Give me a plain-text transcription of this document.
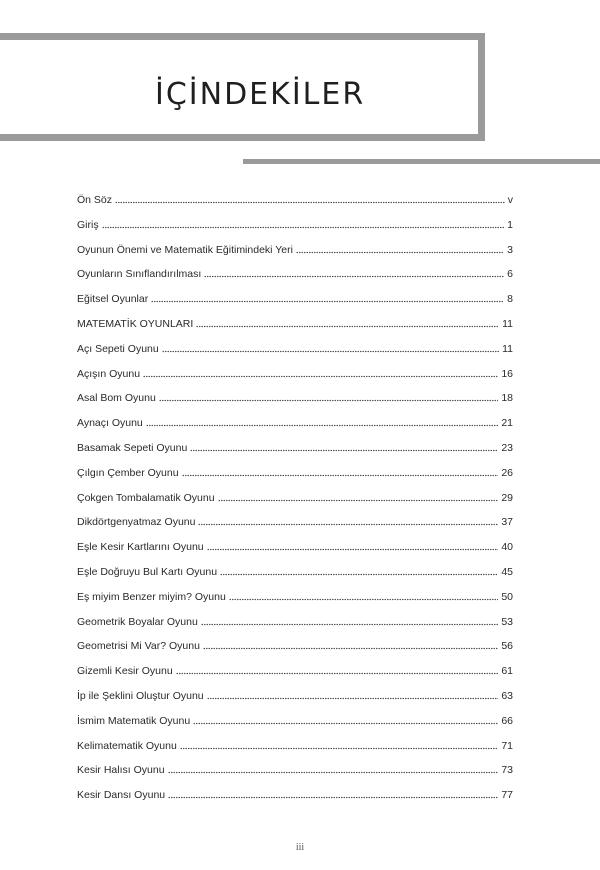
İÇİNDEKİLER
Ön Söz	v
Giriş	1
Oyunun Önemi ve Matematik Eğitimindeki Yeri	3
Oyunların Sınıflandırılması	6
Eğitsel Oyunlar	8
MATEMATİK OYUNLARI	11
Açı Sepeti Oyunu	11
Açışın Oyunu	16
Asal Bom Oyunu	18
Aynaçı Oyunu	21
Basamak Sepeti Oyunu	23
Çılgın Çember Oyunu	26
Çokgen Tombalamatik Oyunu	29
Dikdörtgenyatmaz Oyunu	37
Eşle Kesir Kartlarını Oyunu	40
Eşle Doğruyu Bul Kartı Oyunu	45
Eş miyim Benzer miyim? Oyunu	50
Geometrik Boyalar Oyunu	53
Geometrisi Mi Var? Oyunu	56
Gizemli Kesir Oyunu	61
İp ile Şeklini Oluştur Oyunu	63
İsmim Matematik Oyunu	66
Kelimatematik Oyunu	71
Kesir Halısı Oyunu	73
Kesir Dansı Oyunu	77
iii
